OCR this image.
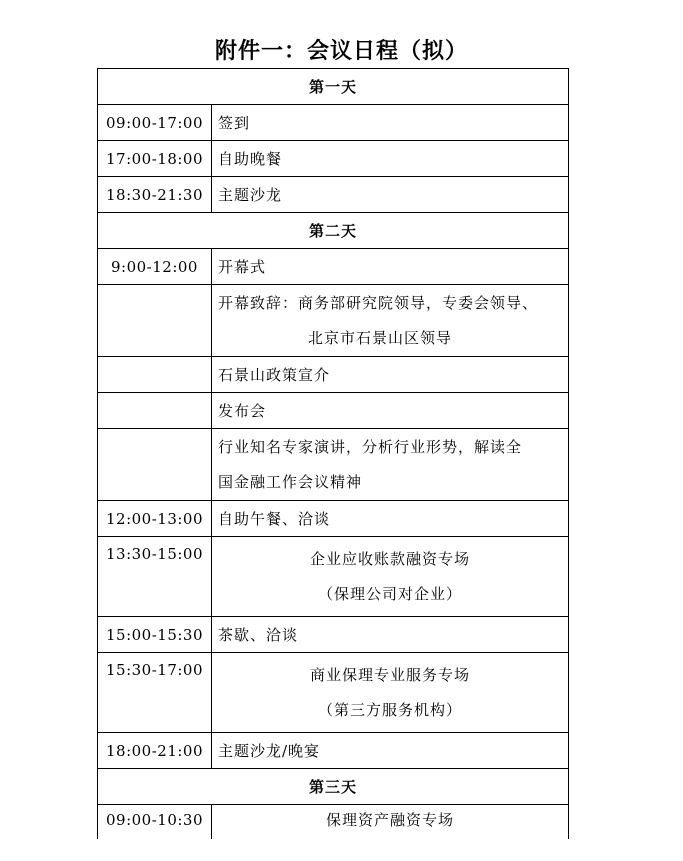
附件一：会议日程（拟）
第一天	
09:00-17:00	签到
17:00-18:00	自助晚餐
18:30-21:30	主题沙龙
第二天	
9:00-12:00	开幕式

	开幕致辞：商务部研究院领导，专委会领导、
北京市石景山区领导

	石景山政策宣介
	发布会

	行业知名专家演讲，分析行业形势，解读全
国金融工作会议精神

12:00-13:00	自助午餐、洽谈
13:30-15:00	企业应收账款融资专场
（保理公司对企业）

15:00-15:30	茶歇、洽谈
15:30-17:00	商业保理专业服务专场
（第三方服务机构）

18:00-21:00	主题沙龙/晚宴
第三天	
09:00-10:30	保理资产融资专场
